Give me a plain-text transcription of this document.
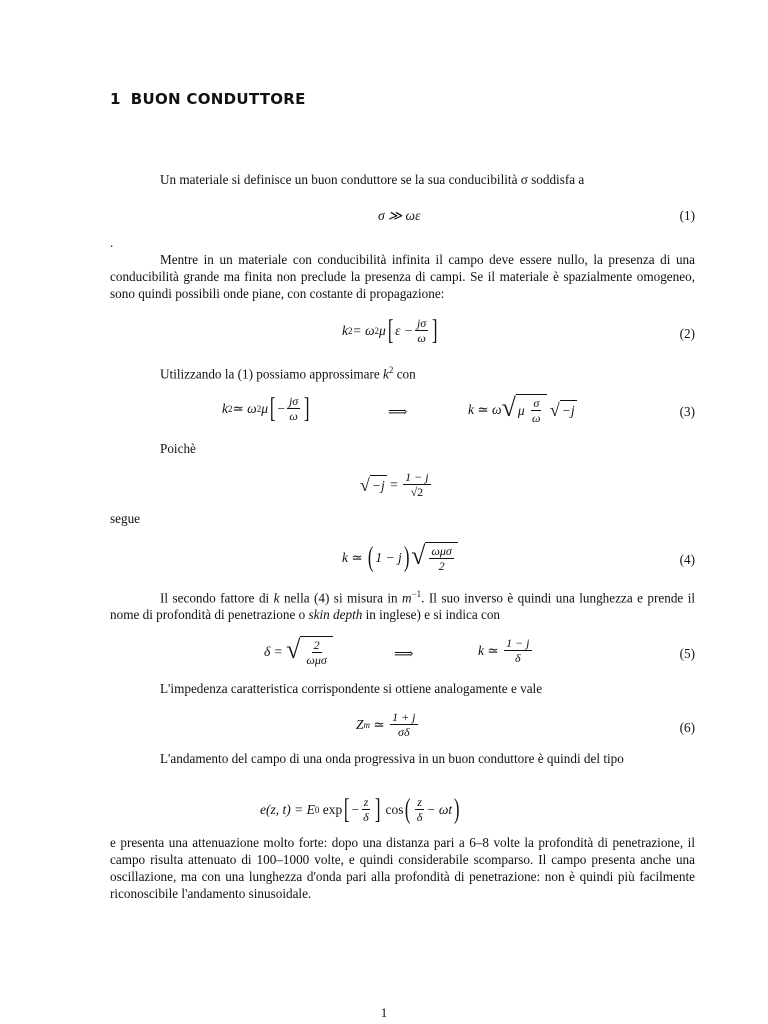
1 BUON CONDUTTORE

Un materiale si definisce un buon conduttore se la sua conducibilità σ soddisfa a

σ ≫ ωε	(1)

.

Mentre in un materiale con conducibilità infinita il campo deve essere nullo, la presenza di una conducibilità grande ma finita non preclude la presenza di campi. Se il materiale è spazialmente omogeneo, sono quindi possibili onde piane, con costante di propagazione:

k 2 = ω 2 μ [ $\varepsilon - \frac{j\sigma}{\omega}$ ]	(2)

Utilizzando la (1) possiamo approssimare $k^2$ con

k 2 ≃ ω 2 μ [ − $\frac{j\sigma}{\omega}$ ]	⟹	k ≃ ω √ μ
$\frac{\sigma}{\omega}$
√ −j	(3)

Poichè

√ −j
=
$\frac{1 - j}{√2}$

segue

k ≃
( 1 − j ) √ $\frac{\text{ωμσ}}{2}$	(4)

Il secondo fattore di k nella (4) si misura in $m^{-1}$. Il suo inverso è quindi una lunghezza e prende il nome di profondità di penetrazione o skin depth in inglese) e si indica con

δ =
√ $\frac{2}{\text{ωμσ}}$	⟹	k ≃
$\frac{1 - j}{\delta}$	(5)

L'impedenza caratteristica corrispondente si ottiene analogamente e vale

Z m
≃
$\frac{1 + j}{\sigma\delta}$	(6)

L'andamento del campo di una onda progressiva in un buon conduttore è quindi del tipo

e(z, t) = E 0
exp [ − $\frac{z}{\delta}$ ]
cos ( $\frac{z}{\delta} - \omega t$ )

e presenta una attenuazione molto forte: dopo una distanza pari a 6–8 volte la profondità di penetrazione, il campo risulta attenuato di 100–1000 volte, e quindi considerabile scomparso. Il campo presenta anche una oscillazione, ma con una lunghezza d'onda pari alla profondità di penetrazione: non è quindi più facilmente riconoscibile l'andamento sinusoidale.

1
